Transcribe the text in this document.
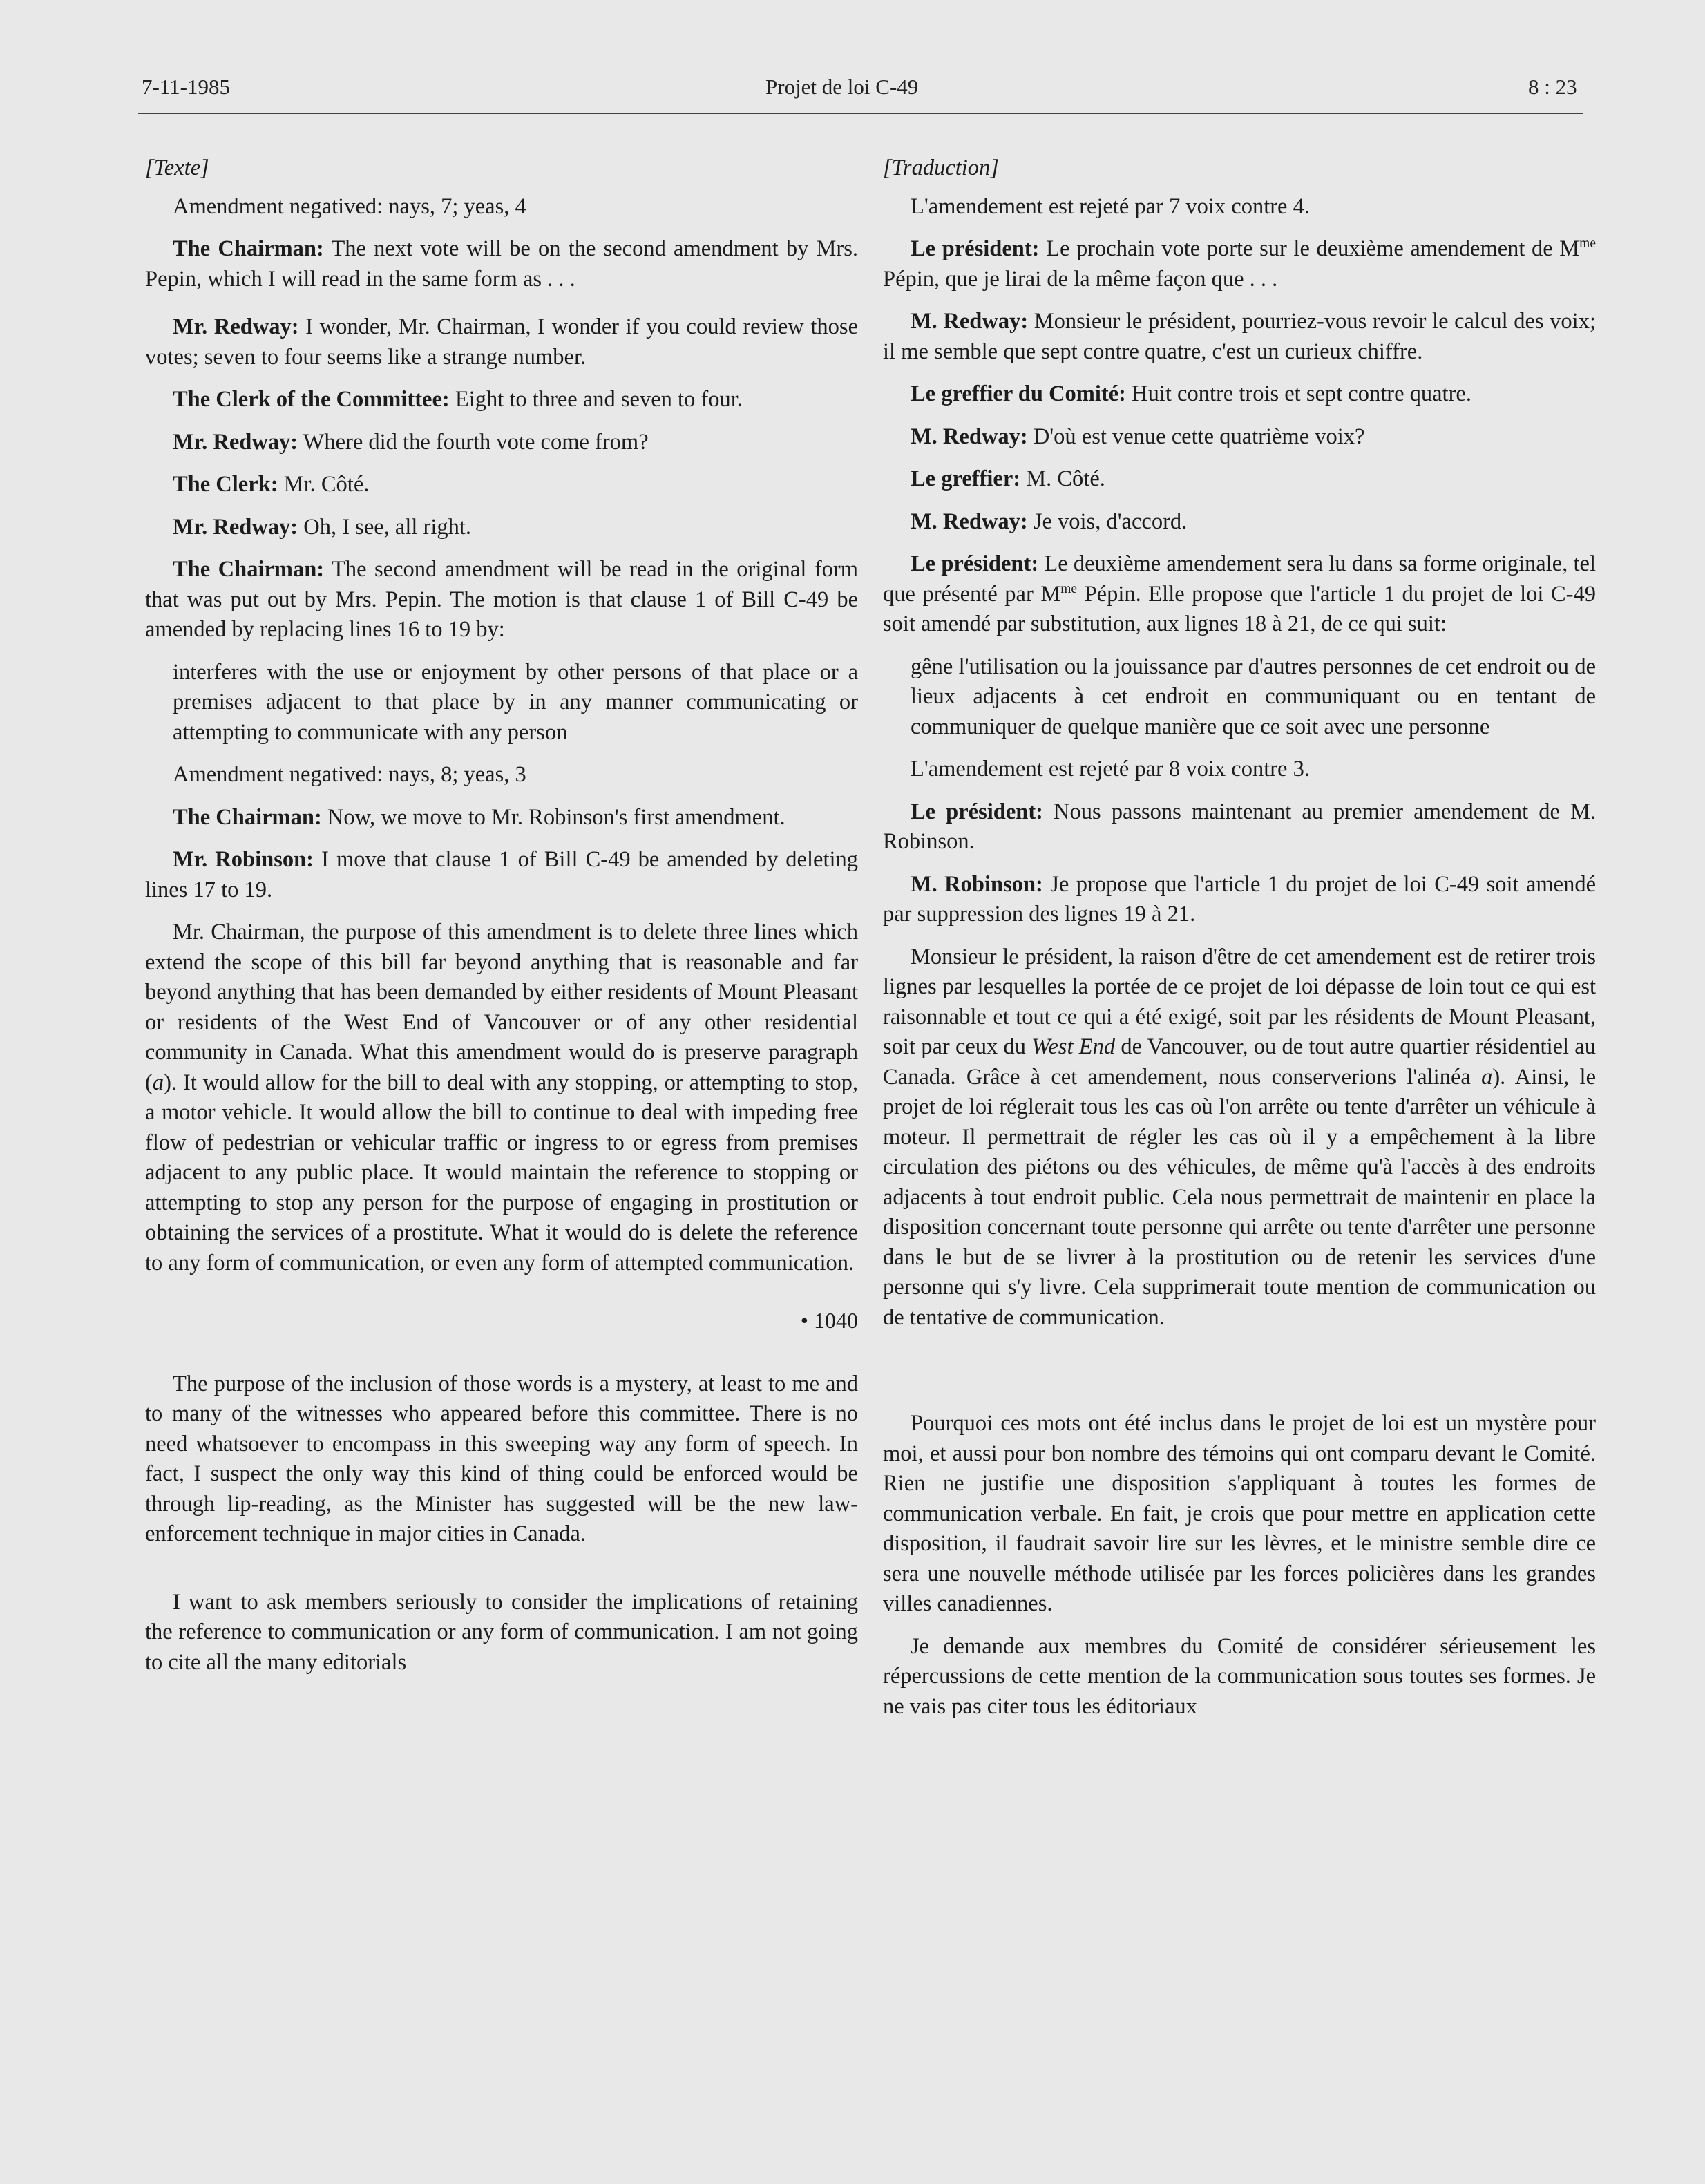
7-11-1985	Projet de loi C-49	8 : 23

[Texte]

Amendment negatived: nays, 7; yeas, 4

The Chairman: The next vote will be on the second amendment by Mrs. Pepin, which I will read in the same form as . . .

Mr. Redway: I wonder, Mr. Chairman, I wonder if you could review those votes; seven to four seems like a strange number.

The Clerk of the Committee: Eight to three and seven to four.

Mr. Redway: Where did the fourth vote come from?

The Clerk: Mr. Côté.

Mr. Redway: Oh, I see, all right.

The Chairman: The second amendment will be read in the original form that was put out by Mrs. Pepin. The motion is that clause 1 of Bill C-49 be amended by replacing lines 16 to 19 by:

interferes with the use or enjoyment by other persons of that place or a premises adjacent to that place by in any manner communicating or attempting to communicate with any person

Amendment negatived: nays, 8; yeas, 3

The Chairman: Now, we move to Mr. Robinson's first amendment.

Mr. Robinson: I move that clause 1 of Bill C-49 be amended by deleting lines 17 to 19.

Mr. Chairman, the purpose of this amendment is to delete three lines which extend the scope of this bill far beyond anything that is reasonable and far beyond anything that has been demanded by either residents of Mount Pleasant or residents of the West End of Vancouver or of any other residential community in Canada. What this amendment would do is preserve paragraph (a). It would allow for the bill to deal with any stopping, or attempting to stop, a motor vehicle. It would allow the bill to continue to deal with impeding free flow of pedestrian or vehicular traffic or ingress to or egress from premises adjacent to any public place. It would maintain the reference to stopping or attempting to stop any person for the purpose of engaging in prostitution or obtaining the services of a prostitute. What it would do is delete the reference to any form of communication, or even any form of attempted communication.

• 1040

The purpose of the inclusion of those words is a mystery, at least to me and to many of the witnesses who appeared before this committee. There is no need whatsoever to encompass in this sweeping way any form of speech. In fact, I suspect the only way this kind of thing could be enforced would be through lip-reading, as the Minister has suggested will be the new law-enforcement technique in major cities in Canada.

I want to ask members seriously to consider the implications of retaining the reference to communication or any form of communication. I am not going to cite all the many editorials

[Traduction]

L'amendement est rejeté par 7 voix contre 4.

Le président: Le prochain vote porte sur le deuxième amendement de $M^{me}$ Pépin, que je lirai de la même façon que . . .

M. Redway: Monsieur le président, pourriez-vous revoir le calcul des voix; il me semble que sept contre quatre, c'est un curieux chiffre.

Le greffier du Comité: Huit contre trois et sept contre quatre.

M. Redway: D'où est venue cette quatrième voix?

Le greffier: M. Côté.

M. Redway: Je vois, d'accord.

Le président: Le deuxième amendement sera lu dans sa forme originale, tel que présenté par $M^{me}$ Pépin. Elle propose que l'article 1 du projet de loi C-49 soit amendé par substitution, aux lignes 18 à 21, de ce qui suit:

gêne l'utilisation ou la jouissance par d'autres personnes de cet endroit ou de lieux adjacents à cet endroit en communiquant ou en tentant de communiquer de quelque manière que ce soit avec une personne

L'amendement est rejeté par 8 voix contre 3.

Le président: Nous passons maintenant au premier amendement de M. Robinson.

M. Robinson: Je propose que l'article 1 du projet de loi C-49 soit amendé par suppression des lignes 19 à 21.

Monsieur le président, la raison d'être de cet amendement est de retirer trois lignes par lesquelles la portée de ce projet de loi dépasse de loin tout ce qui est raisonnable et tout ce qui a été exigé, soit par les résidents de Mount Pleasant, soit par ceux du West End de Vancouver, ou de tout autre quartier résidentiel au Canada. Grâce à cet amendement, nous conserverions l'alinéa a). Ainsi, le projet de loi réglerait tous les cas où l'on arrête ou tente d'arrêter un véhicule à moteur. Il permettrait de régler les cas où il y a empêchement à la libre circulation des piétons ou des véhicules, de même qu'à l'accès à des endroits adjacents à tout endroit public. Cela nous permettrait de maintenir en place la disposition concernant toute personne qui arrête ou tente d'arrêter une personne dans le but de se livrer à la prostitution ou de retenir les services d'une personne qui s'y livre. Cela supprimerait toute mention de communication ou de tentative de communication.

Pourquoi ces mots ont été inclus dans le projet de loi est un mystère pour moi, et aussi pour bon nombre des témoins qui ont comparu devant le Comité. Rien ne justifie une disposition s'appliquant à toutes les formes de communication verbale. En fait, je crois que pour mettre en application cette disposition, il faudrait savoir lire sur les lèvres, et le ministre semble dire ce sera une nouvelle méthode utilisée par les forces policières dans les grandes villes canadiennes.

Je demande aux membres du Comité de considérer sérieusement les répercussions de cette mention de la communication sous toutes ses formes. Je ne vais pas citer tous les éditoriaux
